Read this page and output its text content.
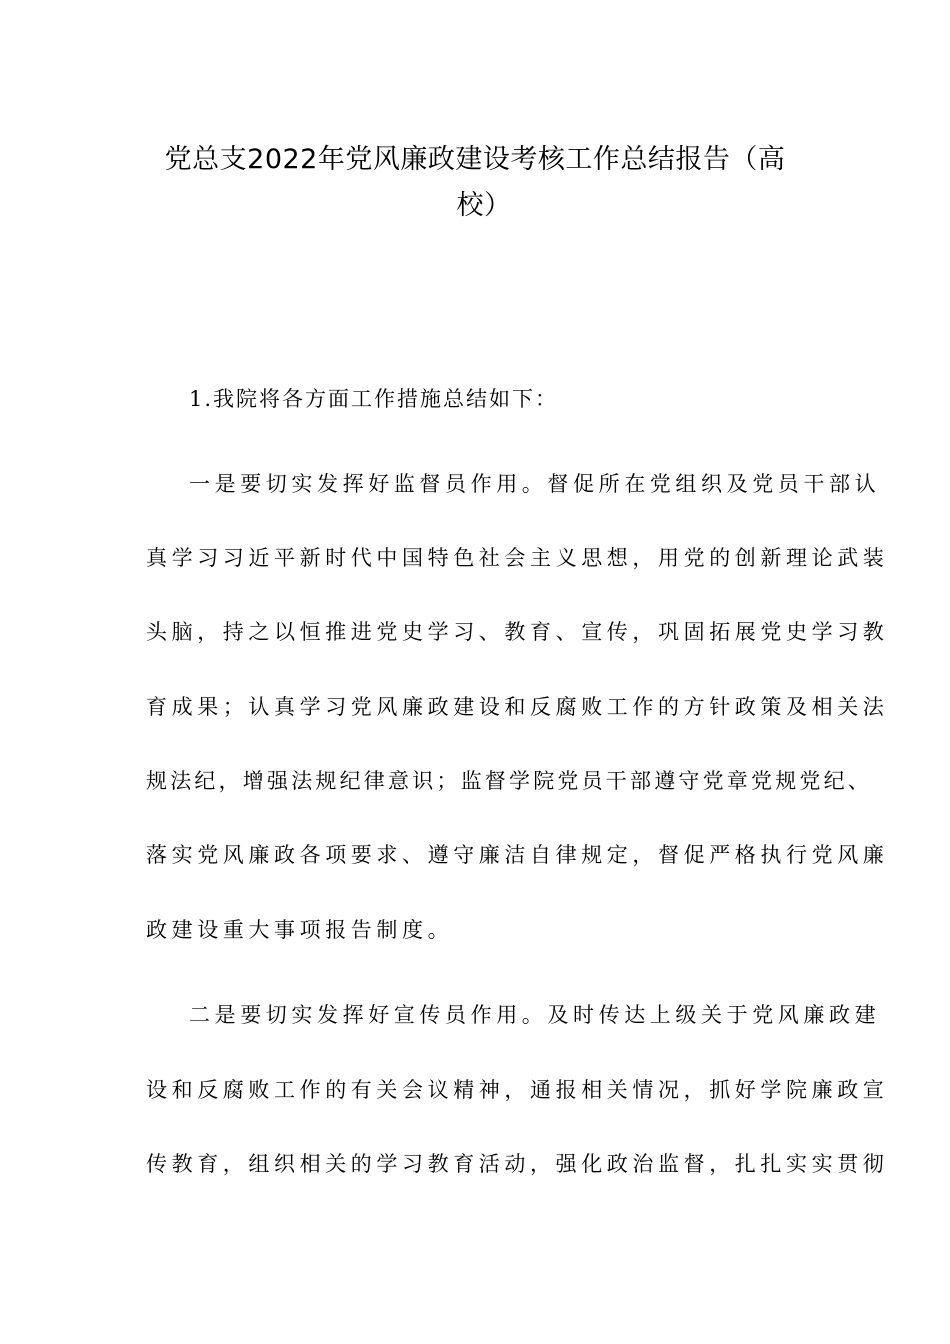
党总支2022年党风廉政建设考核工作总结报告（高
校）
1.我院将各方面工作措施总结如下：
一是要切实发挥好监督员作用。督促所在党组织及党员干部认
真学习习近平新时代中国特色社会主义思想，用党的创新理论武装
头脑，持之以恒推进党史学习、教育、宣传，巩固拓展党史学习教
育成果；认真学习党风廉政建设和反腐败工作的方针政策及相关法
规法纪，增强法规纪律意识；监督学院党员干部遵守党章党规党纪、
落实党风廉政各项要求、遵守廉洁自律规定，督促严格执行党风廉
政建设重大事项报告制度。
二是要切实发挥好宣传员作用。及时传达上级关于党风廉政建
设和反腐败工作的有关会议精神，通报相关情况，抓好学院廉政宣
传教育，组织相关的学习教育活动，强化政治监督，扎扎实实贯彻
